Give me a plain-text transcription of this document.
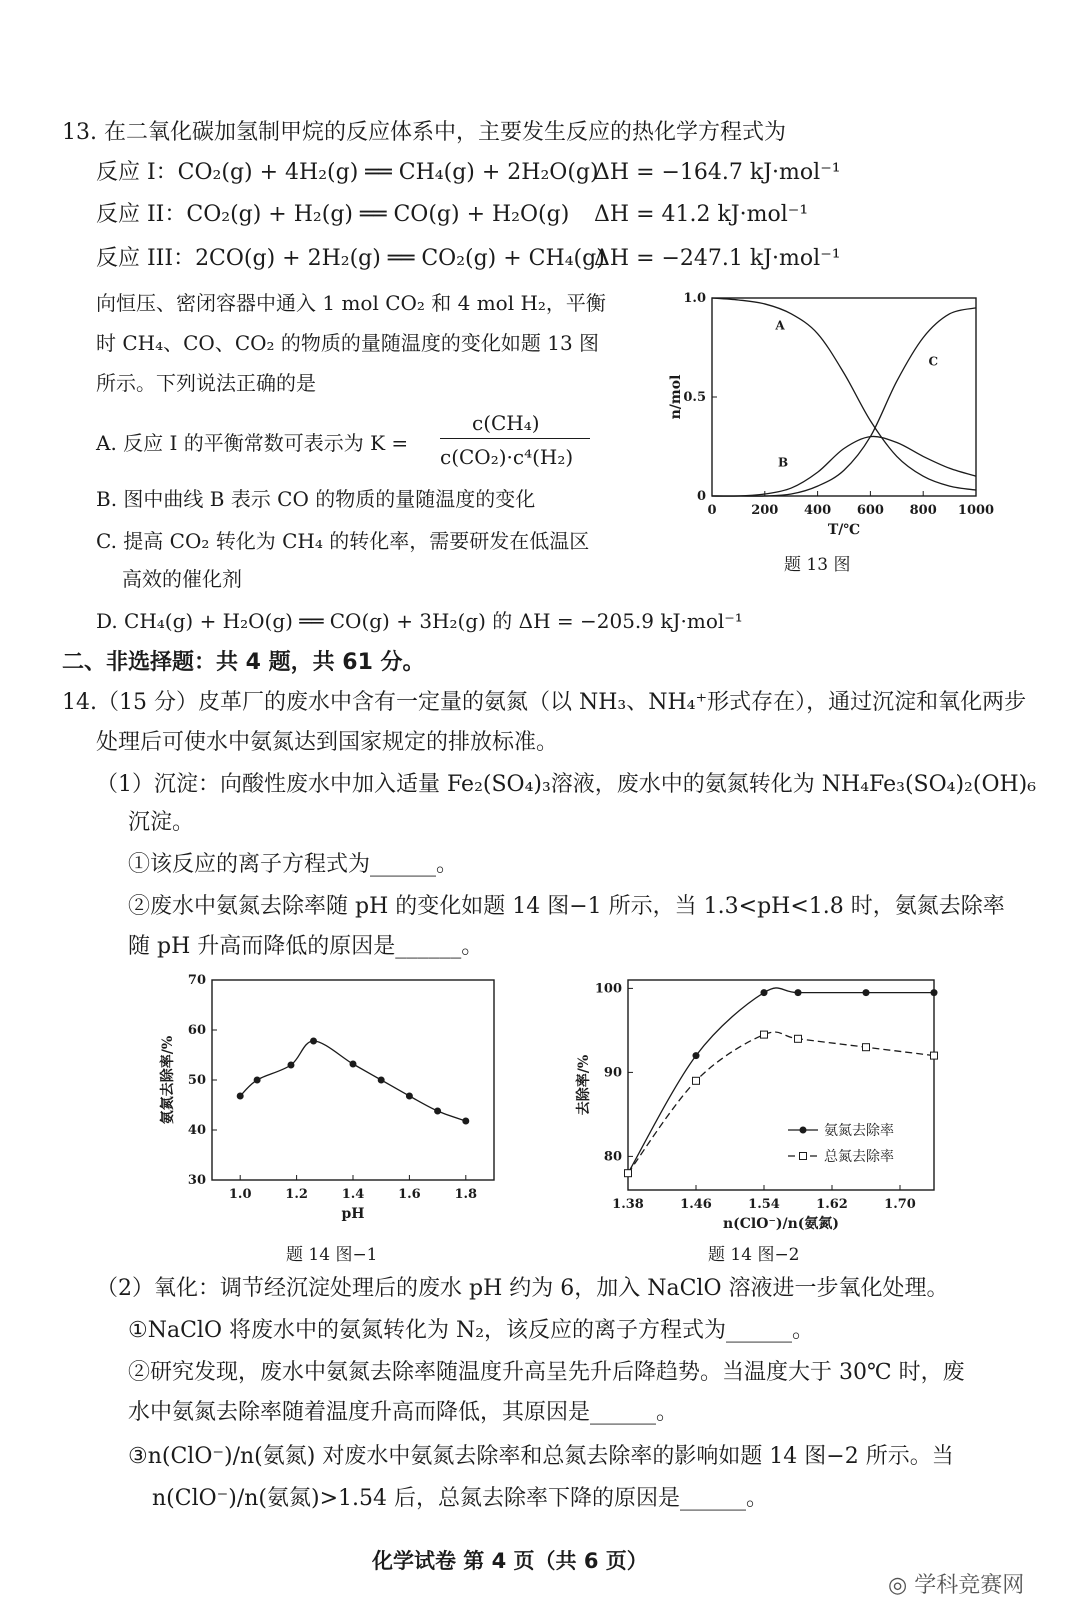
13. 在二氧化碳加氢制甲烷的反应体系中，主要发生反应的热化学方程式为
反应 I：CO₂(g) + 4H₂(g) ══ CH₄(g) + 2H₂O(g)
ΔH = −164.7 kJ·mol⁻¹
反应 II：CO₂(g) + H₂(g) ══ CO(g) + H₂O(g) ΔH = 41.2 kJ·mol⁻¹
反应 III：2CO(g) + 2H₂(g) ══ CO₂(g) + CH₄(g)
ΔH = −247.1 kJ·mol⁻¹
向恒压、密闭容器中通入 1 mol CO₂ 和 4 mol H₂，平衡
时 CH₄、CO、CO₂ 的物质的量随温度的变化如题 13 图
所示。下列说法正确的是
A. 反应 I 的平衡常数可表示为 K =
c(CH₄)
c(CO₂)·c⁴(H₂)
B. 图中曲线 B 表示 CO 的物质的量随温度的变化
C. 提高 CO₂ 转化为 CH₄ 的转化率，需要研发在低温区
高效的催化剂
D. CH₄(g) + H₂O(g) ══ CO(g) + 3H₂(g) 的 ΔH = −205.9 kJ·mol⁻¹
0	200 400 600 800 1000
0
0.5
1.0
T/℃
n/mol
A
B
C
题 13 图
二、非选择题：共 4 题，共 61 分。
14.（15 分）皮革厂的废水中含有一定量的氨氮（以 NH₃、NH₄⁺形式存在），通过沉淀和氧化两步
处理后可使水中氨氮达到国家规定的排放标准。
（1）沉淀：向酸性废水中加入适量 Fe₂(SO₄)₃溶液，废水中的氨氮转化为 NH₄Fe₃(SO₄)₂(OH)₆
沉淀。
①该反应的离子方程式为______。
②废水中氨氮去除率随 pH 的变化如题 14 图−1 所示，当 1.3<pH<1.8 时，氨氮去除率
随 pH 升高而降低的原因是______。
1.0	1.2	1.4	1.6	1.8
30
40
50
60
70
pH
氨氮去除率/%
题 14 图−1
1.38	1.46	1.54	1.62	1.70
80
90
100
n(ClO⁻)/n(氨氮)
去除率/%
氨氮去除率
总氮去除率
题 14 图−2
（2）氧化：调节经沉淀处理后的废水 pH 约为 6，加入 NaClO 溶液进一步氧化处理。
①NaClO 将废水中的氨氮转化为 N₂，该反应的离子方程式为______。
②研究发现，废水中氨氮去除率随温度升高呈先升后降趋势。当温度大于 30℃ 时，废
水中氨氮去除率随着温度升高而降低，其原因是______。
③n(ClO⁻)/n(氨氮) 对废水中氨氮去除率和总氮去除率的影响如题 14 图−2 所示。当
n(ClO⁻)/n(氨氮)>1.54 后，总氮去除率下降的原因是______。
化学试卷 第 4 页（共 6 页）
◎ 学科竞赛网
